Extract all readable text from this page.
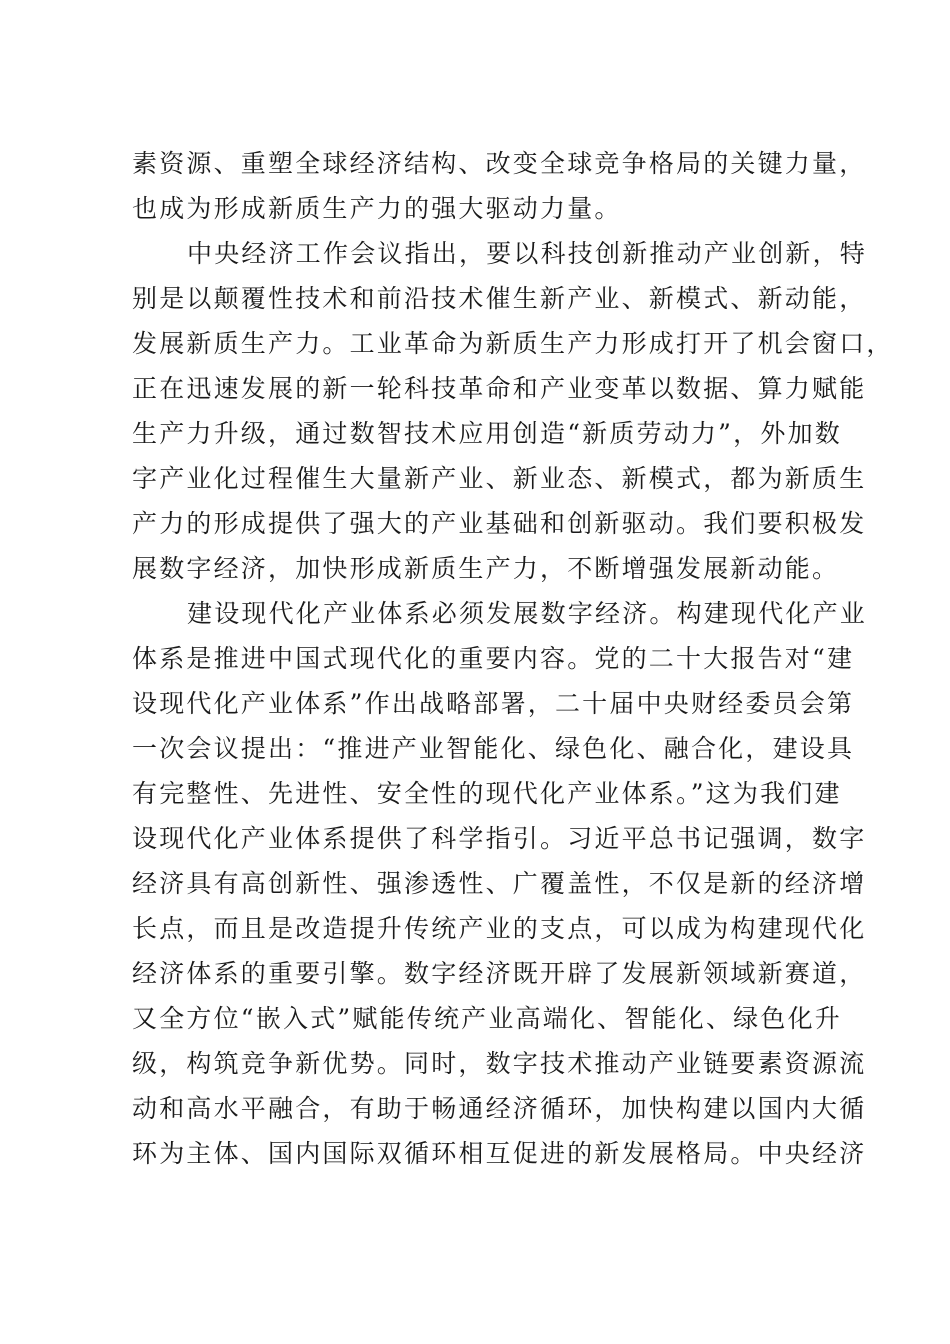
素资源、重塑全球经济结构、改变全球竞争格局的关键力量，
也成为形成新质生产力的强大驱动力量。
中央经济工作会议指出，要以科技创新推动产业创新，特
别是以颠覆性技术和前沿技术催生新产业、新模式、新动能，
发展新质生产力。工业革命为新质生产力形成打开了机会窗口，
正在迅速发展的新一轮科技革命和产业变革以数据、算力赋能
生产力升级，通过数智技术应用创造“新质劳动力”，外加数
字产业化过程催生大量新产业、新业态、新模式，都为新质生
产力的形成提供了强大的产业基础和创新驱动。我们要积极发
展数字经济，加快形成新质生产力，不断增强发展新动能。
建设现代化产业体系必须发展数字经济。构建现代化产业
体系是推进中国式现代化的重要内容。党的二十大报告对“建
设现代化产业体系”作出战略部署，二十届中央财经委员会第
一次会议提出：“推进产业智能化、绿色化、融合化，建设具
有完整性、先进性、安全性的现代化产业体系。”这为我们建
设现代化产业体系提供了科学指引。习近平总书记强调，数字
经济具有高创新性、强渗透性、广覆盖性，不仅是新的经济增
长点，而且是改造提升传统产业的支点，可以成为构建现代化
经济体系的重要引擎。数字经济既开辟了发展新领域新赛道，
又全方位“嵌入式”赋能传统产业高端化、智能化、绿色化升
级，构筑竞争新优势。同时，数字技术推动产业链要素资源流
动和高水平融合，有助于畅通经济循环，加快构建以国内大循
环为主体、国内国际双循环相互促进的新发展格局。中央经济
